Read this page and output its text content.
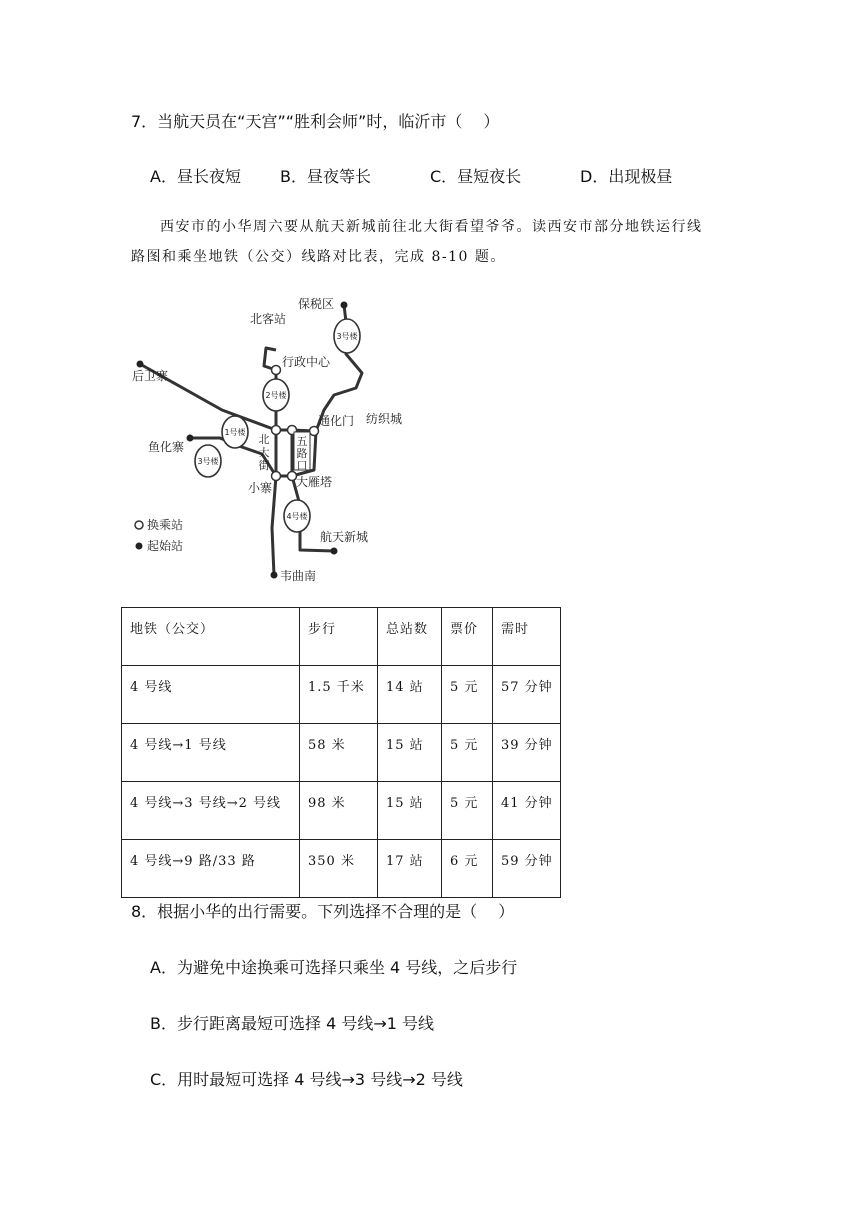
7．当航天员在“天宫”“胜利会师”时，临沂市（　 ）
A．昼长夜短 B．昼夜等长	C．昼短夜长	D．出现极昼
西安市的小华周六要从航天新城前往北大街看望爷爷。读西安市部分地铁运行线
路图和乘坐地铁（公交）线路对比表，完成 8-10 题。
1号楼
2号楼
3号楼
3号楼
4号楼
保税区
北客站
行政中心
后卫寨
通化门 纺织城
鱼化寨
小寨 大雁塔
航天新城
韦曲南
北
大
街
五
路
口
换乘站
起始站
地铁（公交）	步行	总站数	票价	需时
4 号线	1.5 千米	14 站	5 元	57 分钟
4 号线→1 号线	58 米	15 站	5 元	39 分钟
4 号线→3 号线→2 号线	98 米	15 站	5 元	41 分钟
4 号线→9 路/33 路	350 米	17 站	6 元	59 分钟
8．根据小华的出行需要。下列选择不合理的是（　 ）
A．为避免中途换乘可选择只乘坐 4 号线，之后步行
B．步行距离最短可选择 4 号线→1 号线
C．用时最短可选择 4 号线→3 号线→2 号线
